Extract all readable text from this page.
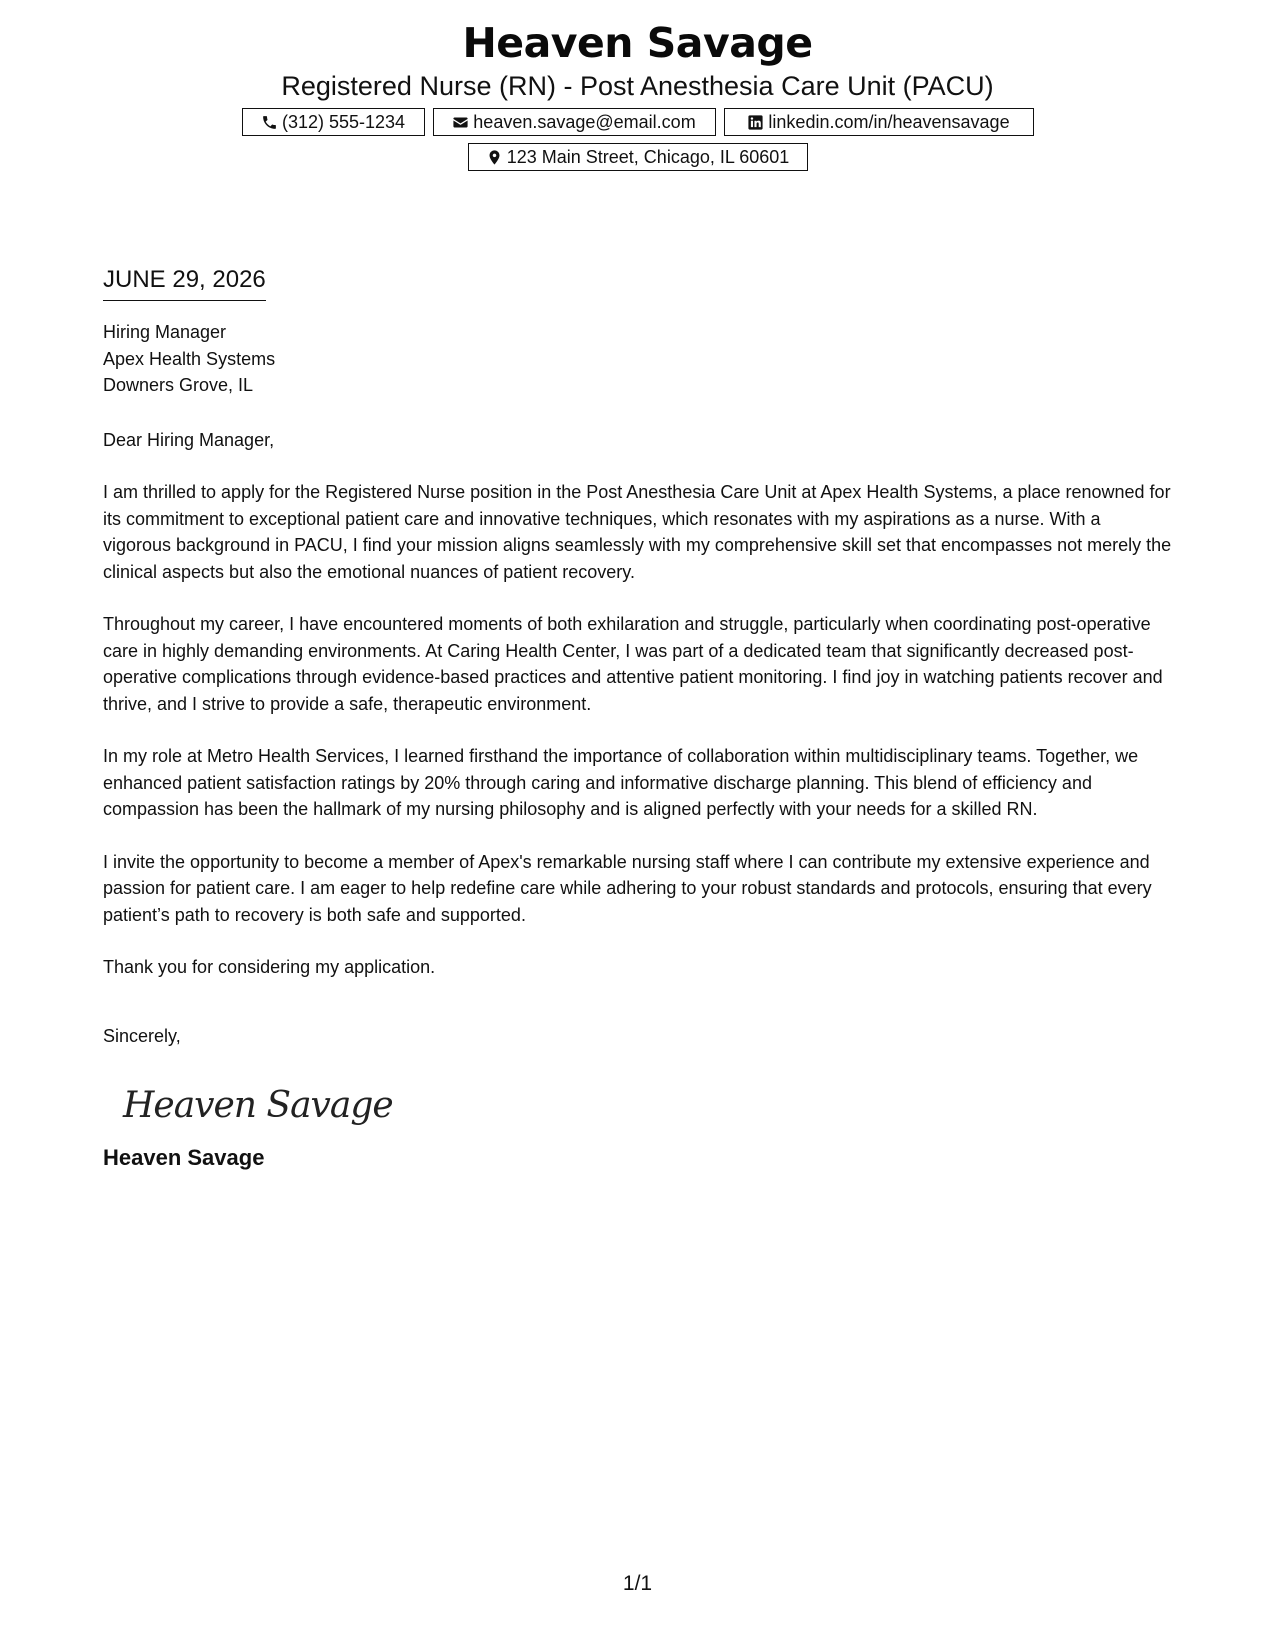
Heaven Savage
Registered Nurse (RN) - Post Anesthesia Care Unit (PACU)
(312) 555-1234	heaven.savage@email.com	linkedin.com/in/heavensavage
123 Main Street, Chicago, IL 60601
JUNE 29, 2026
Hiring Manager
Apex Health Systems
Downers Grove, IL
Dear Hiring Manager,
I am thrilled to apply for the Registered Nurse position in the Post Anesthesia Care Unit at Apex Health Systems, a place renowned for its commitment to exceptional patient care and innovative techniques, which resonates with my aspirations as a nurse. With a vigorous background in PACU, I find your mission aligns seamlessly with my comprehensive skill set that encompasses not merely the clinical aspects but also the emotional nuances of patient recovery.
Throughout my career, I have encountered moments of both exhilaration and struggle, particularly when coordinating post-operative care in highly demanding environments. At Caring Health Center, I was part of a dedicated team that significantly decreased post-operative complications through evidence-based practices and attentive patient monitoring. I find joy in watching patients recover and thrive, and I strive to provide a safe, therapeutic environment.
In my role at Metro Health Services, I learned firsthand the importance of collaboration within multidisciplinary teams. Together, we enhanced patient satisfaction ratings by 20% through caring and informative discharge planning. This blend of efficiency and compassion has been the hallmark of my nursing philosophy and is aligned perfectly with your needs for a skilled RN.
I invite the opportunity to become a member of Apex's remarkable nursing staff where I can contribute my extensive experience and passion for patient care. I am eager to help redefine care while adhering to your robust standards and protocols, ensuring that every patient’s path to recovery is both safe and supported.
Thank you for considering my application.
Sincerely,
Heaven Savage
Heaven Savage
1/1
